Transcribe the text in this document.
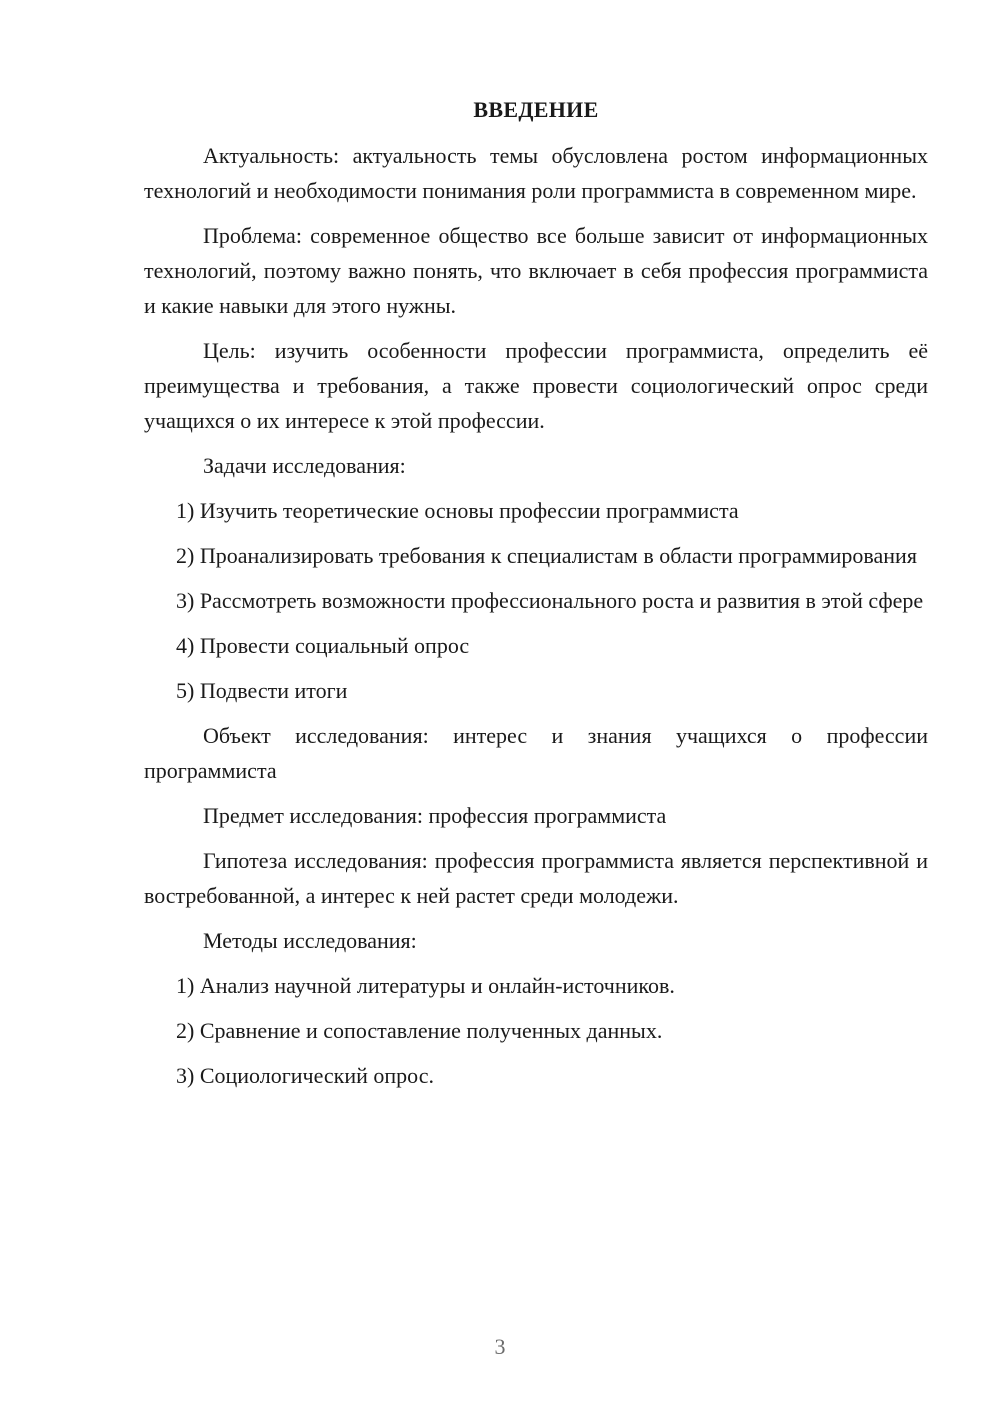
ВВЕДЕНИЕ

Актуальность: актуальность темы обусловлена ростом информационных технологий и необходимости понимания роли программиста в современном мире.

Проблема: современное общество все больше зависит от информационных технологий, поэтому важно понять, что включает в себя профессия программиста и какие навыки для этого нужны.

Цель: изучить особенности профессии программиста, определить её преимущества и требования, а также провести социологический опрос среди учащихся о их интересе к этой профессии.

Задачи исследования:

1) Изучить теоретические основы профессии программиста

2) Проанализировать требования к специалистам в области программирования

3) Рассмотреть возможности профессионального роста и развития в этой сфере

4) Провести социальный опрос

5) Подвести итоги

Объект исследования: интерес и знания учащихся о профессии программиста

Предмет исследования: профессия программиста

Гипотеза исследования: профессия программиста является перспективной и востребованной, а интерес к ней растет среди молодежи.

Методы исследования:

1) Анализ научной литературы и онлайн-источников.

2) Сравнение и сопоставление полученных данных.

3) Социологический опрос.

3
